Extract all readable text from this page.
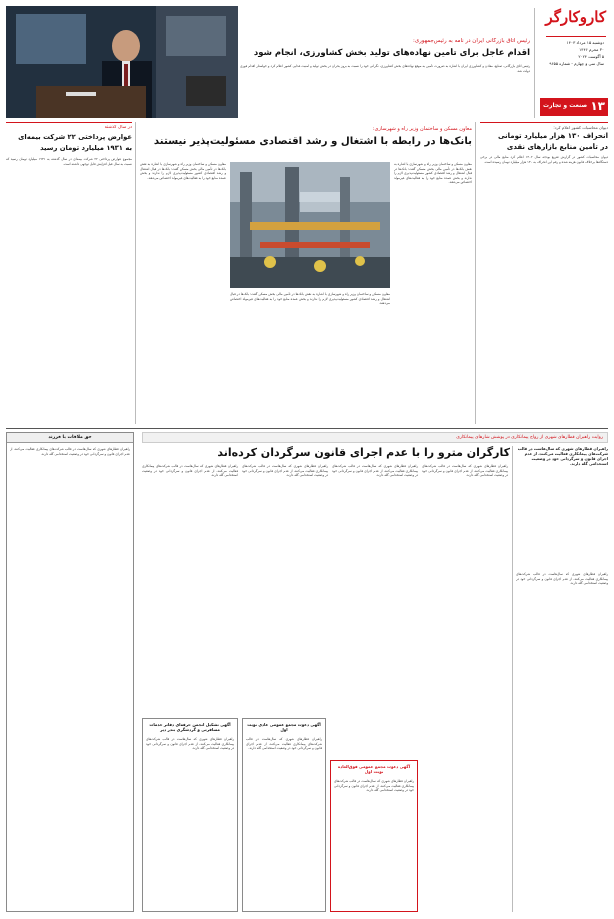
کاروکارگر
دوشنبه ۱۵ مرداد ۱۴۰۳
۳۰ محرم ۱۴۴۶
۵ آگوست ۲۰۲۴
سال سی و چهارم - شماره ۹۶۵۵
۱۳
صنعت و تجارت
رئیس اتاق بازرگانی ایران در نامه به رئیس‌جمهوری:
اقدام عاجل برای تأمین نهاده‌های تولید بخش کشاورزی، انجام شود
رئیس اتاق بازرگانی، صنایع، معادن و کشاورزی ایران با اشاره به ضرورت تأمین به موقع نهاده‌های بخش کشاورزی، نگرانی خود را نسبت به بروز بحران در بخش تولید و امنیت غذایی کشور اعلام کرد و خواستار اقدام فوری دولت شد.
دیوان محاسبات کشور اعلام کرد:
انحراف ۱۳۰ هزار میلیارد تومانی
در تأمین منابع بازارهای نقدی
دیوان محاسبات کشور در گزارش تفریغ بودجه سال ۱۴۰۲ اعلام کرد منابع مالی در برخی دستگاه‌ها برخلاف قانون هزینه شده و رقم این انحراف به ۱۳۰ هزار میلیارد تومان رسیده است.
معاون مسکن و ساختمان وزیر راه و شهرسازی:
بانک‌ها در رابطه با اشتغال و رشد اقتصادی مسئولیت‌پذیر نیستند
معاون مسکن و ساختمان وزیر راه و شهرسازی با اشاره به نقش بانک‌ها در تأمین مالی بخش مسکن گفت: بانک‌ها در قبال اشتغال و رشد اقتصادی کشور مسئولیت‌پذیری لازم را ندارند و بخش عمده منابع خود را به فعالیت‌های غیرمولد اختصاص می‌دهند.
معاون مسکن و ساختمان وزیر راه و شهرسازی با اشاره به نقش بانک‌ها در تأمین مالی بخش مسکن گفت: بانک‌ها در قبال اشتغال و رشد اقتصادی کشور مسئولیت‌پذیری لازم را ندارند و بخش عمده منابع خود را به فعالیت‌های غیرمولد اختصاص می‌دهند.
معاون مسکن و ساختمان وزیر راه و شهرسازی با اشاره به نقش بانک‌ها در تأمین مالی بخش مسکن گفت: بانک‌ها در قبال اشتغال و رشد اقتصادی کشور مسئولیت‌پذیری لازم را ندارند و بخش عمده منابع خود را به فعالیت‌های غیرمولد اختصاص می‌دهند.
در سال گذشته
عوارض پرداختی ۲۲ شرکت بیمه‌ای
به ۱۹۳۱ میلیارد تومان رسید
مجموع عوارض پرداختی ۲۲ شرکت بیمه‌ای در سال گذشته به ۱۹۳۱ میلیارد تومان رسید که نسبت به سال قبل افزایش قابل توجهی داشته است.
حق ملاقات با فرزند
راهبران قطارهای شهری که سال‌هاست در قالب شرکت‌های پیمانکاری فعالیت می‌کنند، از عدم اجرای قانون و سرگردانی خود در وضعیت استخدامی گله دارند.
روایت راهبران قطارهای شهری از رواج پیمانکاری در پوشش شارهای پیمانکاری
کارگران مترو را با عدم اجرای قانون سرگردان کرده‌اند	راهبران قطارهای شهری که سال‌هاست در قالب شرکت‌های پیمانکاری فعالیت می‌کنند، از عدم اجرای قانون و سرگردانی خود در وضعیت استخدامی گله دارند.
راهبران قطارهای شهری که سال‌هاست در قالب شرکت‌های پیمانکاری فعالیت می‌کنند، از عدم اجرای قانون و سرگردانی خود در وضعیت استخدامی گله دارند.
راهبران قطارهای شهری که سال‌هاست در قالب شرکت‌های پیمانکاری فعالیت می‌کنند، از عدم اجرای قانون و سرگردانی خود در وضعیت استخدامی گله دارند.
راهبران قطارهای شهری که سال‌هاست در قالب شرکت‌های پیمانکاری فعالیت می‌کنند، از عدم اجرای قانون و سرگردانی خود در وضعیت استخدامی گله دارند.
راهبران قطارهای شهری که سال‌هاست در قالب شرکت‌های پیمانکاری فعالیت می‌کنند، از عدم اجرای قانون و سرگردانی خود در وضعیت استخدامی گله دارند.
راهبران قطارهای شهری که سال‌هاست در قالب شرکت‌های پیمانکاری فعالیت می‌کنند، از عدم اجرای قانون و سرگردانی خود در وضعیت استخدامی گله دارند.
آگهی دعوت مجمع عمومی فوق‌العاده نوبت اول
راهبران قطارهای شهری که سال‌هاست در قالب شرکت‌های پیمانکاری فعالیت می‌کنند، از عدم اجرای قانون و سرگردانی خود در وضعیت استخدامی گله دارند.
آگهی دعوت مجمع عمومی عادی نوبت اول
راهبران قطارهای شهری که سال‌هاست در قالب شرکت‌های پیمانکاری فعالیت می‌کنند، از عدم اجرای قانون و سرگردانی خود در وضعیت استخدامی گله دارند.
آگهی تشکیل انجمن حرفه‌ای دفاتر خدمات مسافرتی و گردشگری بندر دیر
راهبران قطارهای شهری که سال‌هاست در قالب شرکت‌های پیمانکاری فعالیت می‌کنند، از عدم اجرای قانون و سرگردانی خود در وضعیت استخدامی گله دارند.
